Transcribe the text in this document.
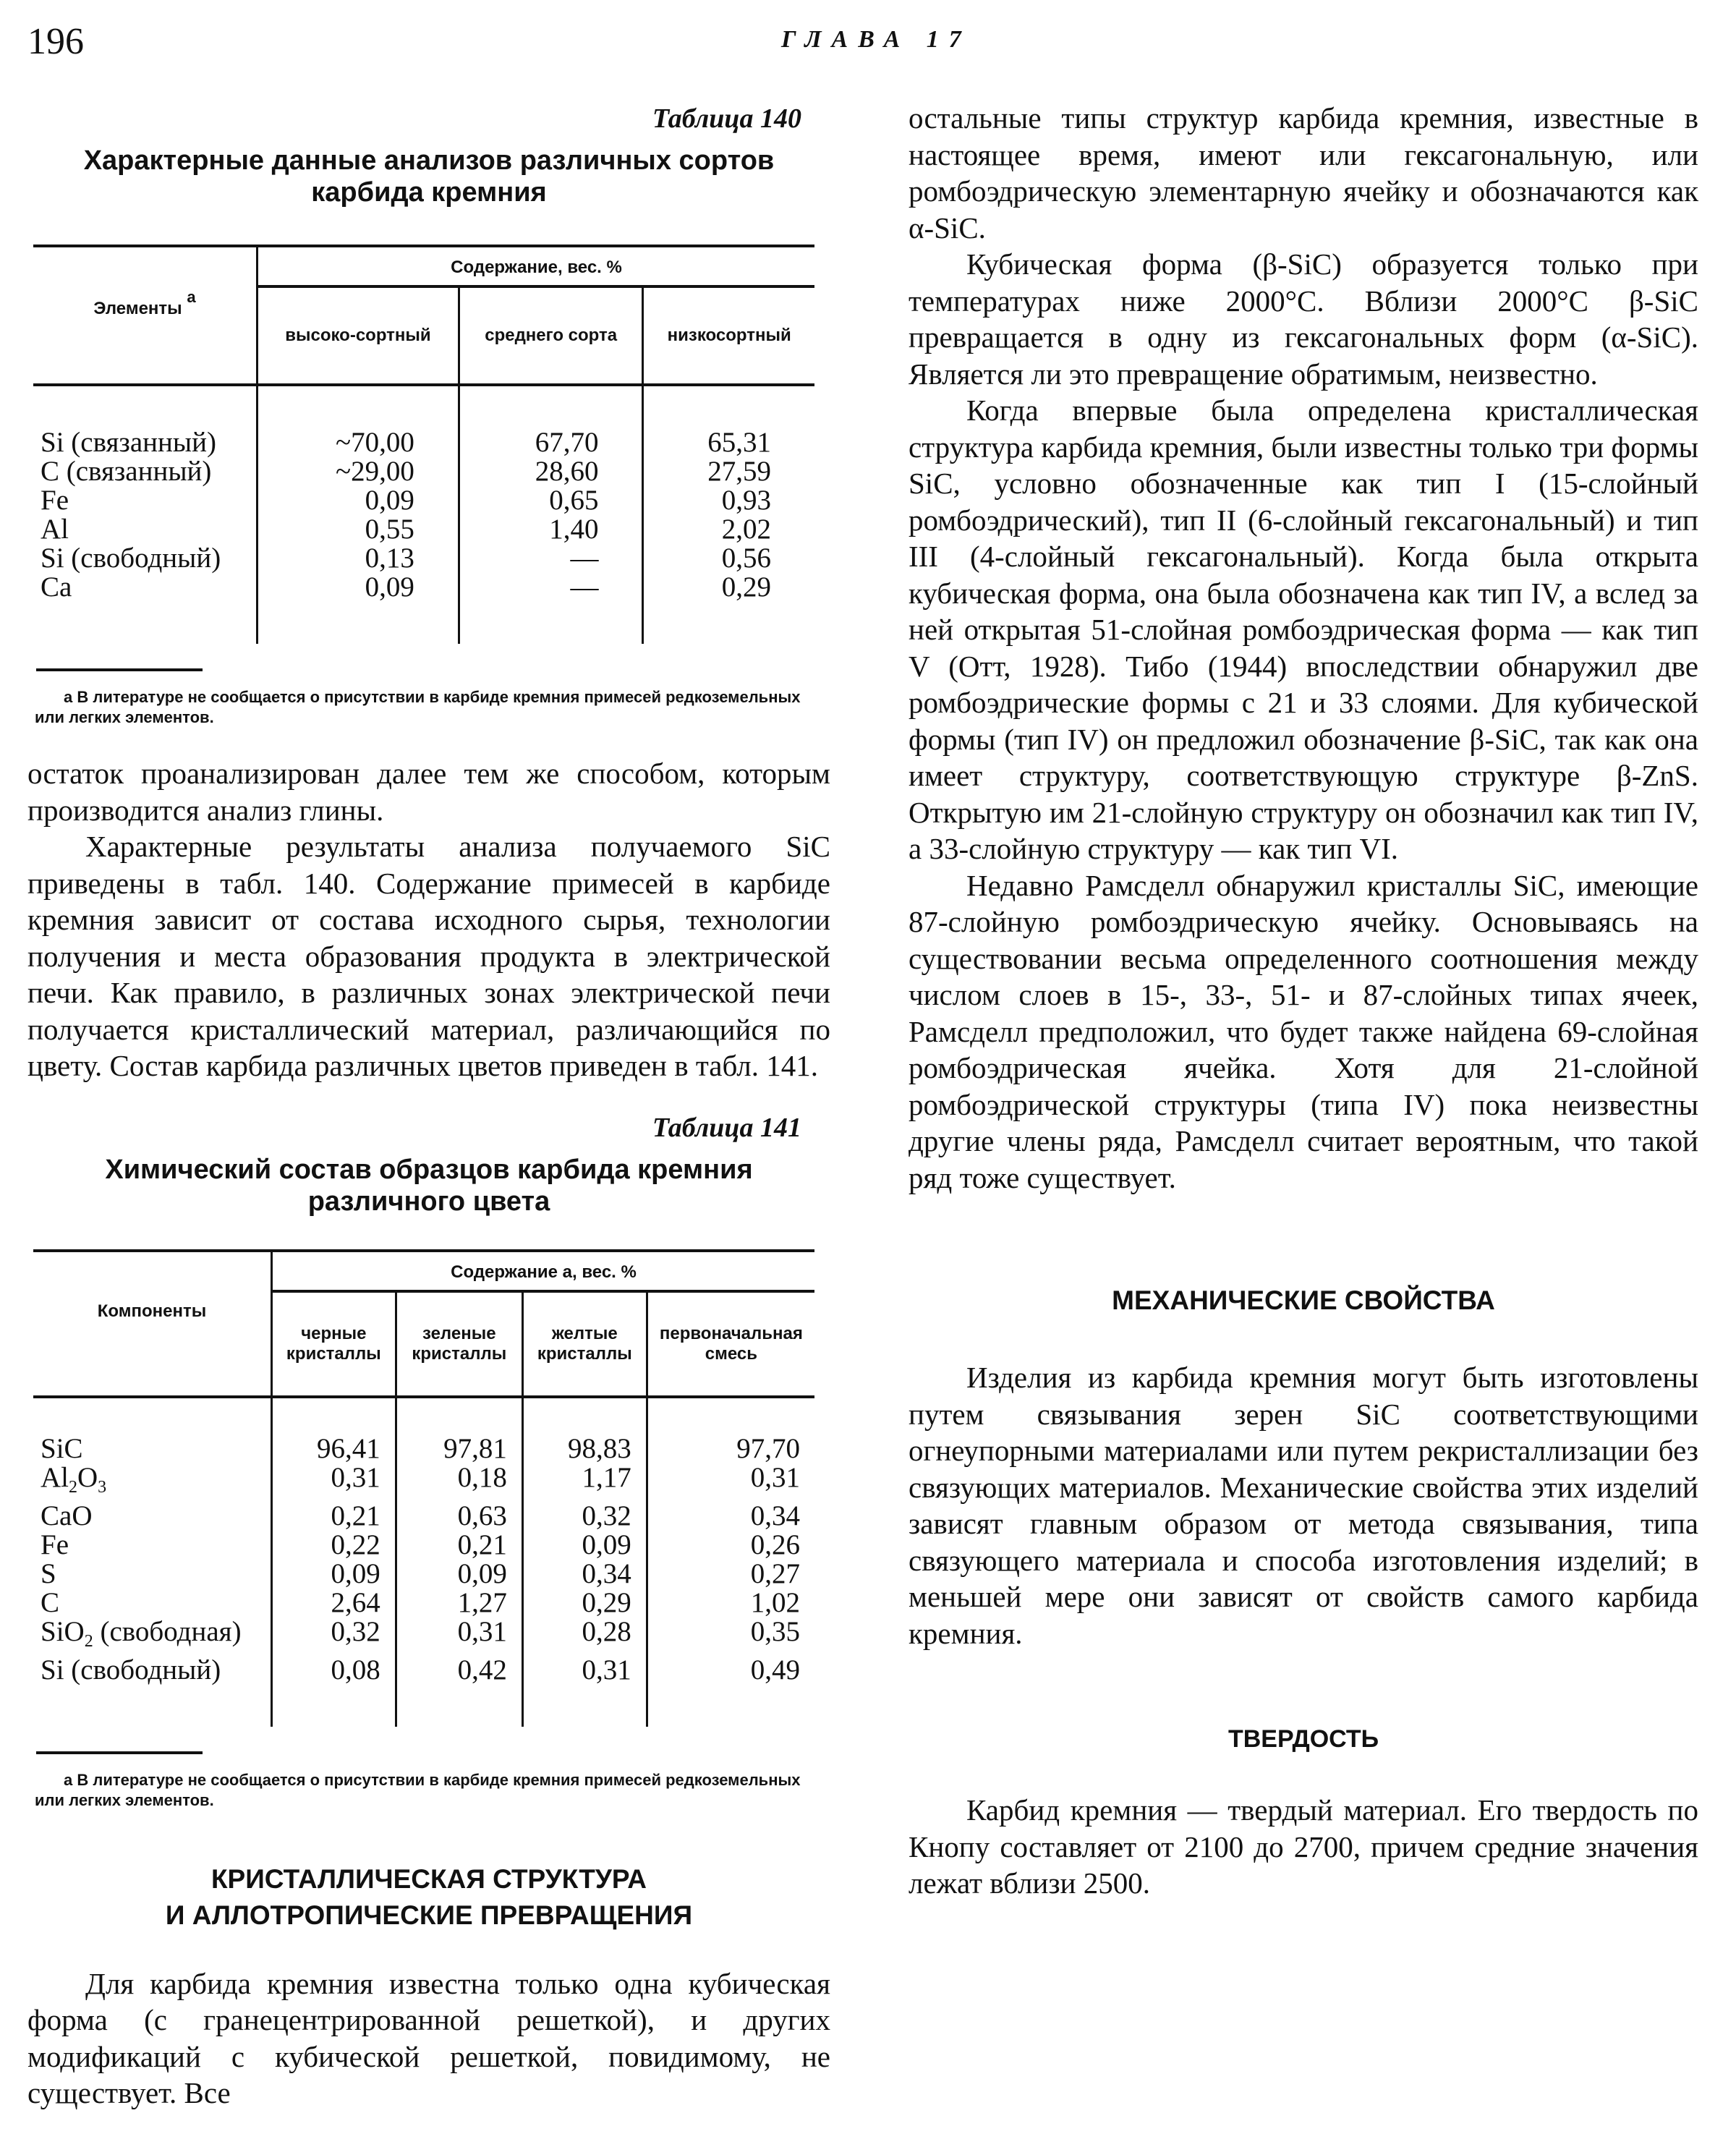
196	ГЛАВА 17
Таблица 140
Характерные данные анализов различных сортов карбида кремния
Элементы a	Содержание, вес. %		
	высоко-сортный	среднего сорта	низкосортный

Si (связанный)	~70,00	67,70	65,31
C (связанный)	~29,00	28,60	27,59
Fe	0,09	0,65	0,93
Al	0,55	1,40	2,02
Si (свободный)	0,13	—	0,56
Ca	0,09	—	0,29

a В литературе не сообщается о присутствии в карбиде кремния примесей редкоземельных или легких элементов.

остаток проанализирован далее тем же способом, которым производится анализ глины.

Характерные результаты анализа получаемого SiC приведены в табл. 140. Содержание примесей в карбиде кремния зависит от состава исходного сырья, технологии получения и места образования продукта в электрической печи. Как правило, в различных зонах электрической печи получается кристаллический материал, различающийся по цвету. Состав карбида различных цветов приведен в табл. 141.

Таблица 141
Химический состав образцов карбида кремния различного цвета
Компоненты	Содержание a, вес. %			
	черные кристаллы	зеленые кристаллы	желтые кристаллы	первоначальная смесь

SiC	96,41	97,81	98,83	97,70
$Al_2O_3$	0,31	0,18	1,17	0,31
CaO	0,21	0,63	0,32	0,34
Fe	0,22	0,21	0,09	0,26
S	0,09	0,09	0,34	0,27
C	2,64	1,27	0,29	1,02
SiO$_2$ (свободная)	0,32	0,31	0,28	0,35
Si (свободный)	0,08	0,42	0,31	0,49

a В литературе не сообщается о присутствии в карбиде кремния примесей редкоземельных или легких элементов.
КРИСТАЛЛИЧЕСКАЯ СТРУКТУРА
И АЛЛОТРОПИЧЕСКИЕ ПРЕВРАЩЕНИЯ

Для карбида кремния известна только одна кубическая форма (с гранецентрированной решеткой), и других модификаций с кубической решеткой, повидимому, не существует. Все

остальные типы структур карбида кремния, известные в настоящее время, имеют или гексагональную, или ромбоэдрическую элементарную ячейку и обозначаются как α-SiC.

Кубическая форма (β-SiC) образуется только при температурах ниже 2000°С. Вблизи 2000°С β-SiC превращается в одну из гексагональных форм (α-SiC). Является ли это превращение обратимым, неизвестно.

Когда впервые была определена кристаллическая структура карбида кремния, были известны только три формы SiC, условно обозначенные как тип I (15-слойный ромбоэдрический), тип II (6-слойный гексагональный) и тип III (4-слойный гексагональный). Когда была открыта кубическая форма, она была обозначена как тип IV, а вслед за ней открытая 51-слойная ромбоэдрическая форма — как тип V (Отт, 1928). Тибо (1944) впоследствии обнаружил две ромбоэдрические формы с 21 и 33 слоями. Для кубической формы (тип IV) он предложил обозначение β-SiC, так как она имеет структуру, соответствующую структуре β-ZnS. Открытую им 21-слойную структуру он обозначил как тип IV, а 33-слойную структуру — как тип VI.

Недавно Рамсделл обнаружил кристаллы SiC, имеющие 87-слойную ромбоэдрическую ячейку. Основываясь на существовании весьма определенного соотношения между числом слоев в 15-, 33-, 51- и 87-слойных типах ячеек, Рамсделл предположил, что будет также найдена 69-слойная ромбоэдрическая ячейка. Хотя для 21-слойной ромбоэдрической структуры (типа IV) пока неизвестны другие члены ряда, Рамсделл считает вероятным, что такой ряд тоже существует.

МЕХАНИЧЕСКИЕ СВОЙСТВА

Изделия из карбида кремния могут быть изготовлены путем связывания зерен SiC соответствующими огнеупорными материалами или путем рекристаллизации без связующих материалов. Механические свойства этих изделий зависят главным образом от метода связывания, типа связующего материала и способа изготовления изделий; в меньшей мере они зависят от свойств самого карбида кремния.

ТВЕРДОСТЬ

Карбид кремния — твердый материал. Его твердость по Кнопу составляет от 2100 до 2700, причем средние значения лежат вблизи 2500.
